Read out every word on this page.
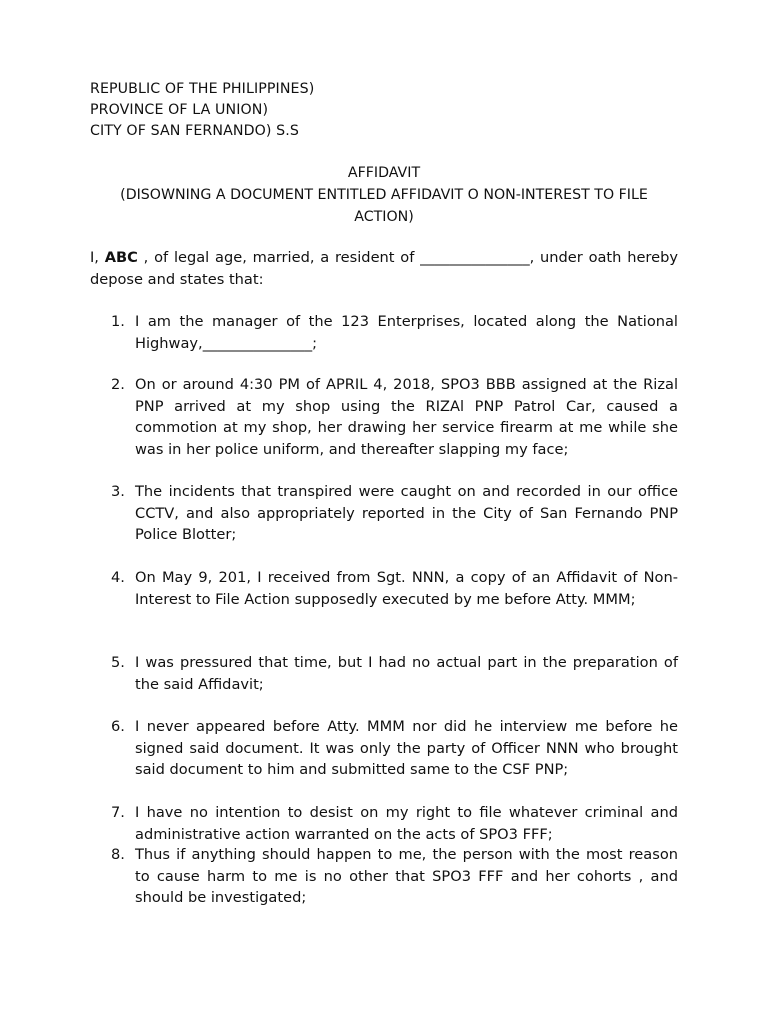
REPUBLIC OF THE PHILIPPINES)
PROVINCE OF LA UNION)
CITY OF SAN FERNANDO) S.S
AFFIDAVIT
(DISOWNING A DOCUMENT ENTITLED AFFIDAVIT O NON-INTEREST TO FILE ACTION)
I, ABC , of legal age, married, a resident of _______________, under oath hereby depose and states that:
1. I am the manager of the 123 Enterprises, located along the National Highway,_______________;
2. On or around 4:30 PM of APRIL 4, 2018, SPO3 BBB assigned at the Rizal PNP arrived at my shop using the RIZAl PNP Patrol Car, caused a commotion at my shop, her drawing her service firearm at me while she was in her police uniform, and thereafter slapping my face;
3. The incidents that transpired were caught on and recorded in our office CCTV, and also appropriately reported in the City of San Fernando PNP Police Blotter;
4. On May 9, 201, I received from Sgt. NNN, a copy of an Affidavit of Non-Interest to File Action supposedly executed by me before Atty. MMM;
5. I was pressured that time, but I had no actual part in the preparation of the said Affidavit;
6. I never appeared before Atty. MMM nor did he interview me before he signed said document. It was only the party of Officer NNN who brought said document to him and submitted same to the CSF PNP;
7. I have no intention to desist on my right to file whatever criminal and administrative action warranted on the acts of SPO3 FFF;
8. Thus if anything should happen to me, the person with the most reason to cause harm to me is no other that SPO3 FFF and her cohorts , and should be investigated;
